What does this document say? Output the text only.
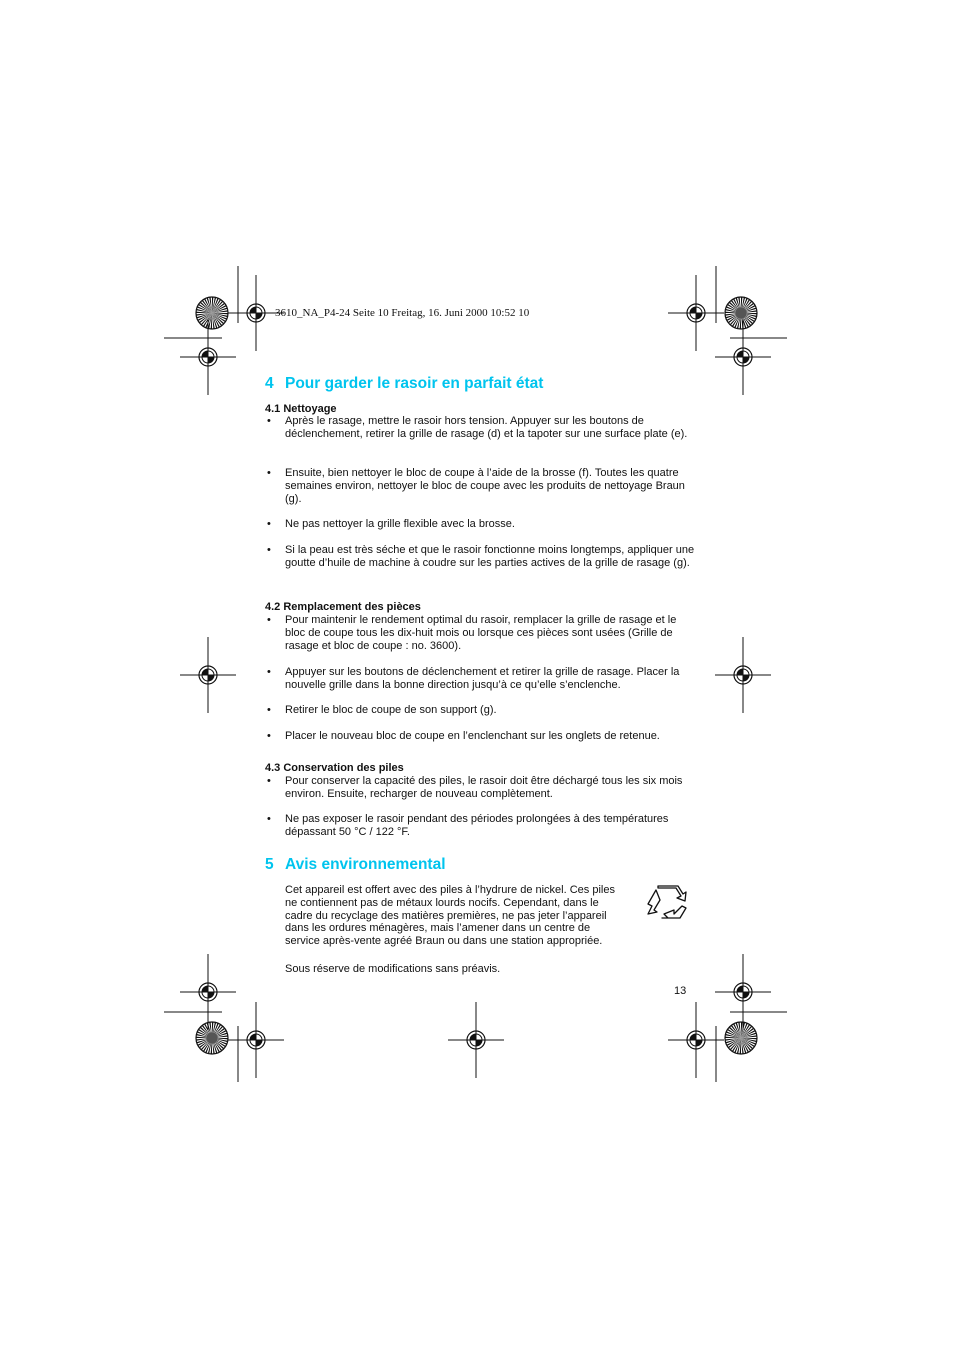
3610_NA_P4-24 Seite 10 Freitag, 16. Juni 2000 10:52 10
4 Pour garder le rasoir en parfait état
4.1 Nettoyage
• Après le rasage, mettre le rasoir hors tension. Appuyer sur les boutons de déclenchement, retirer la grille de rasage (d) et la tapoter sur une surface plate (e).
• Ensuite, bien nettoyer le bloc de coupe à l’aide de la brosse (f). Toutes les quatre semaines environ, nettoyer le bloc de coupe avec les produits de nettoyage Braun (g).
• Ne pas nettoyer la grille flexible avec la brosse.
• Si la peau est très séche et que le rasoir fonctionne moins longtemps, appliquer une goutte d’huile de machine à coudre sur les parties actives de la grille de rasage (g).
4.2 Remplacement des pièces
• Pour maintenir le rendement optimal du rasoir, remplacer la grille de rasage et le bloc de coupe tous les dix-huit mois ou lorsque ces pièces sont usées (Grille de rasage et bloc de coupe : no. 3600).
• Appuyer sur les boutons de déclenchement et retirer la grille de rasage. Placer la nouvelle grille dans la bonne direction jusqu’à ce qu’elle s’enclenche.
• Retirer le bloc de coupe de son support (g).
• Placer le nouveau bloc de coupe en l’enclenchant sur les onglets de retenue.
4.3 Conservation des piles
• Pour conserver la capacité des piles, le rasoir doit être déchargé tous les six mois environ. Ensuite, recharger de nouveau complètement.
• Ne pas exposer le rasoir pendant des périodes prolongées à des températures dépassant 50 °C / 122 °F.
5 Avis environnemental
Cet appareil est offert avec des piles à l’hydrure de nickel. Ces piles
ne contiennent pas de métaux lourds nocifs. Cependant, dans le
cadre du recyclage des matières premières, ne pas jeter l’appareil
dans les ordures ménagères, mais l’amener dans un centre de
service après-vente agréé Braun ou dans une station appropriée.
Sous réserve de modifications sans préavis.
13
